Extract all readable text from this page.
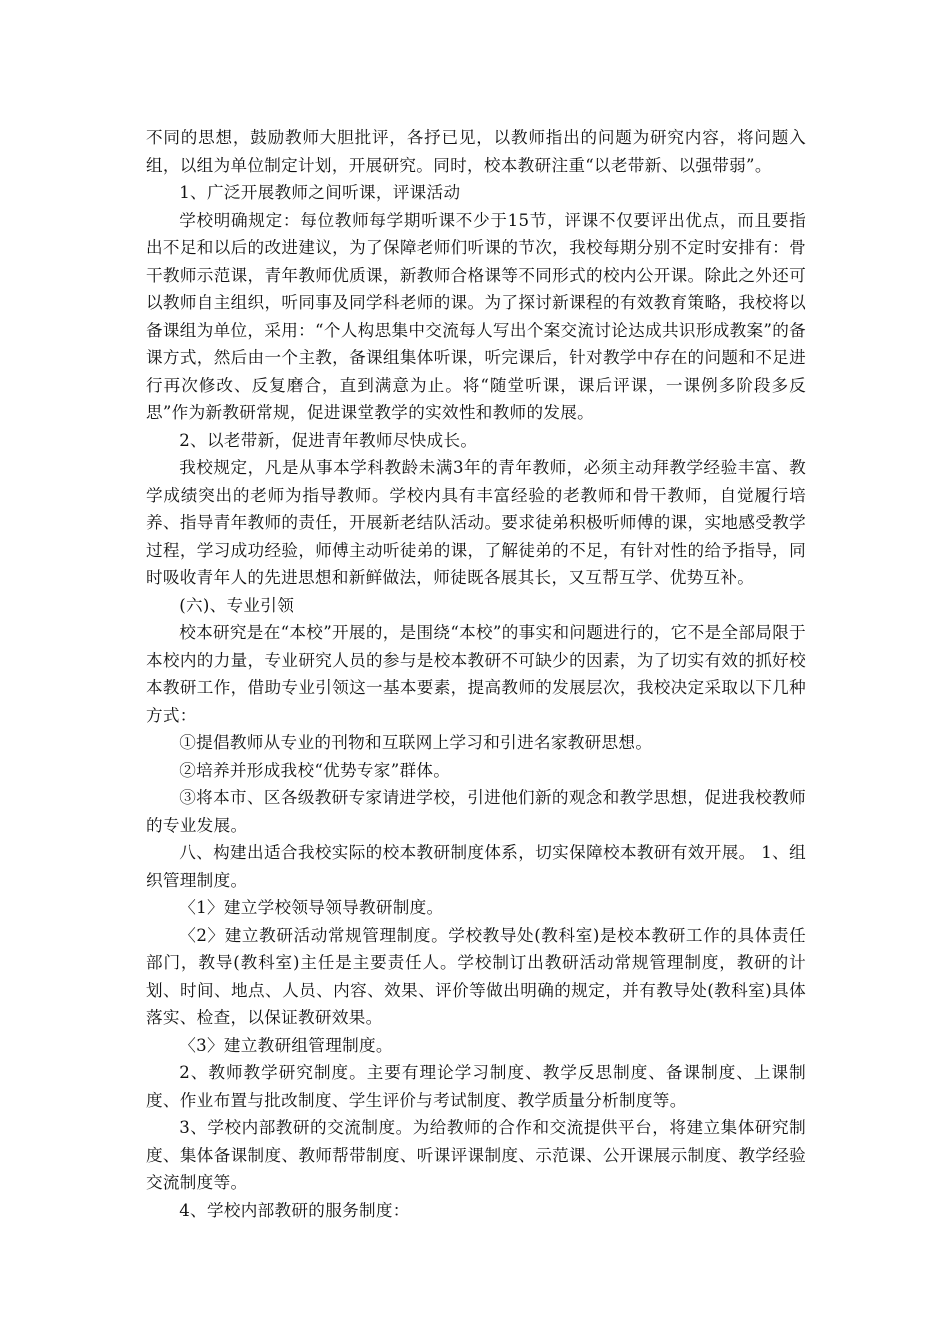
不同的思想，鼓励教师大胆批评，各抒已见，以教师指出的问题为研究内容，将问题入组，以组为单位制定计划，开展研究。同时，校本教研注重“以老带新、以强带弱”。

1、广泛开展教师之间听课，评课活动

学校明确规定：每位教师每学期听课不少于15节，评课不仅要评出优点，而且要指出不足和以后的改进建议，为了保障老师们听课的节次，我校每期分别不定时安排有：骨干教师示范课，青年教师优质课，新教师合格课等不同形式的校内公开课。除此之外还可以教师自主组织，听同事及同学科老师的课。为了探讨新课程的有效教育策略，我校将以备课组为单位，采用：“个人构思集中交流每人写出个案交流讨论达成共识形成教案”的备课方式，然后由一个主教，备课组集体听课，听完课后，针对教学中存在的问题和不足进行再次修改、反复磨合，直到满意为止。将“随堂听课，课后评课，一课例多阶段多反思”作为新教研常规，促进课堂教学的实效性和教师的发展。

2、以老带新，促进青年教师尽快成长。

我校规定，凡是从事本学科教龄未满3年的青年教师，必须主动拜教学经验丰富、教学成绩突出的老师为指导教师。学校内具有丰富经验的老教师和骨干教师，自觉履行培养、指导青年教师的责任，开展新老结队活动。要求徒弟积极听师傅的课，实地感受教学过程，学习成功经验，师傅主动听徒弟的课，了解徒弟的不足，有针对性的给予指导，同时吸收青年人的先进思想和新鲜做法，师徒既各展其长，又互帮互学、优势互补。

(六)、专业引领

校本研究是在“本校”开展的，是围绕“本校”的事实和问题进行的，它不是全部局限于本校内的力量，专业研究人员的参与是校本教研不可缺少的因素，为了切实有效的抓好校本教研工作，借助专业引领这一基本要素，提高教师的发展层次，我校决定采取以下几种方式：

①提倡教师从专业的刊物和互联网上学习和引进名家教研思想。

②培养并形成我校“优势专家”群体。

③将本市、区各级教研专家请进学校，引进他们新的观念和教学思想，促进我校教师的专业发展。

八、构建出适合我校实际的校本教研制度体系，切实保障校本教研有效开展。 1、组织管理制度。

〈1〉建立学校领导领导教研制度。

〈2〉建立教研活动常规管理制度。学校教导处(教科室)是校本教研工作的具体责任部门，教导(教科室)主任是主要责任人。学校制订出教研活动常规管理制度，教研的计划、时间、地点、人员、内容、效果、评价等做出明确的规定，并有教导处(教科室)具体落实、检查，以保证教研效果。

〈3〉建立教研组管理制度。

2、教师教学研究制度。主要有理论学习制度、教学反思制度、备课制度、上课制度、作业布置与批改制度、学生评价与考试制度、教学质量分析制度等。

3、学校内部教研的交流制度。为给教师的合作和交流提供平台，将建立集体研究制度、集体备课制度、教师帮带制度、听课评课制度、示范课、公开课展示制度、教学经验交流制度等。

4、学校内部教研的服务制度：
